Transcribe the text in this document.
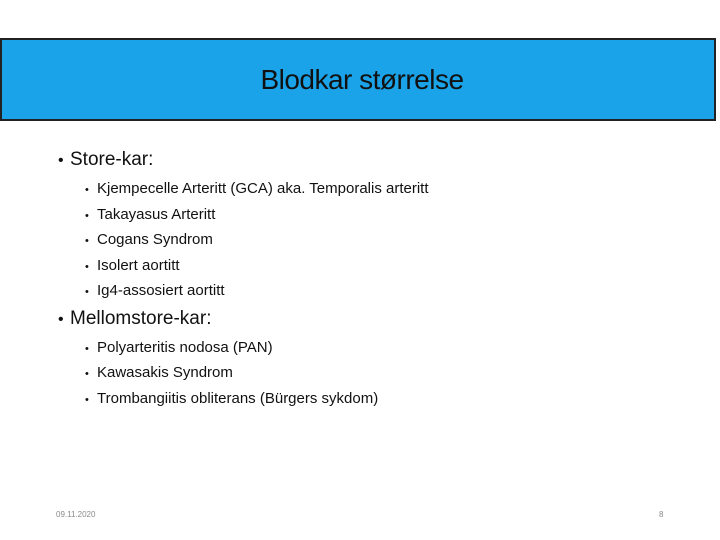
Blodkar størrelse
• Store-kar:
• Kjempecelle Arteritt (GCA) aka. Temporalis arteritt
• Takayasus Arteritt
• Cogans Syndrom
• Isolert aortitt
• Ig4-assosiert aortitt
• Mellomstore-kar:
• Polyarteritis nodosa (PAN)
• Kawasakis Syndrom
• Trombangiitis obliterans (Bürgers sykdom)
09.11.2020	8
